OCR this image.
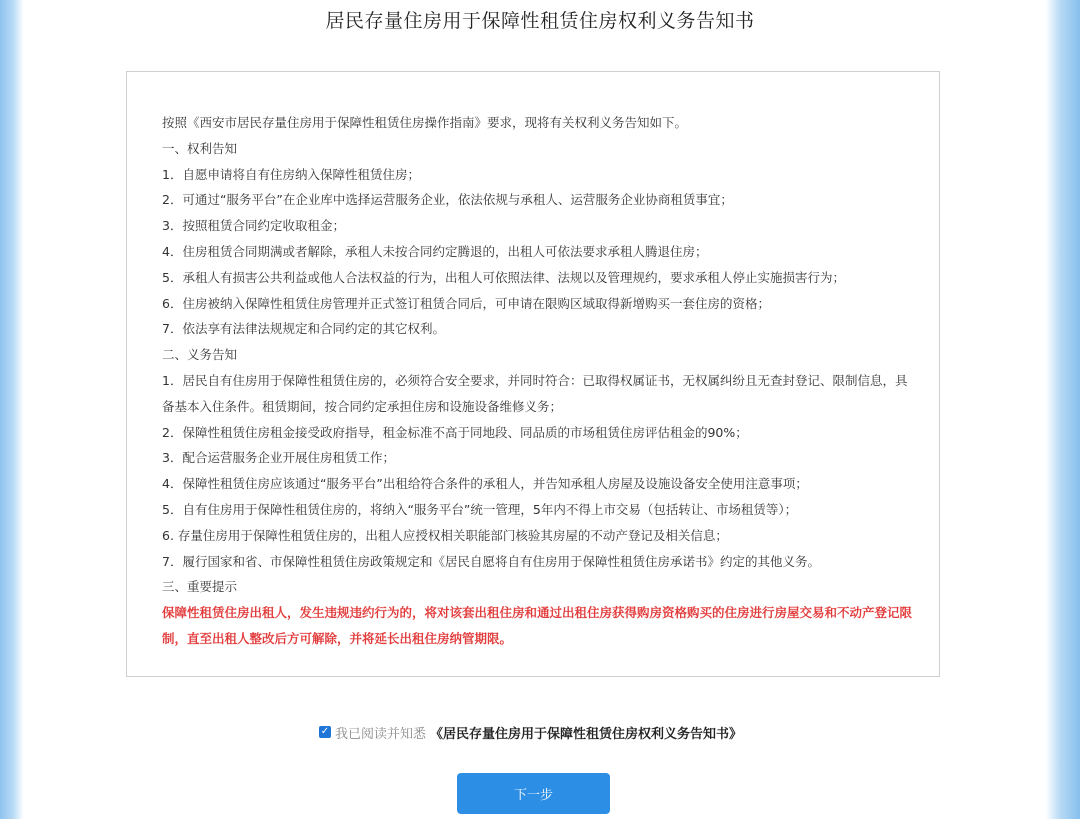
居民存量住房用于保障性租赁住房权利义务告知书
按照《西安市居民存量住房用于保障性租赁住房操作指南》要求，现将有关权利义务告知如下。
一、权利告知
1．自愿申请将自有住房纳入保障性租赁住房；
2．可通过“服务平台”在企业库中选择运营服务企业，依法依规与承租人、运营服务企业协商租赁事宜；
3．按照租赁合同约定收取租金；
4．住房租赁合同期满或者解除，承租人未按合同约定腾退的，出租人可依法要求承租人腾退住房；
5．承租人有损害公共利益或他人合法权益的行为，出租人可依照法律、法规以及管理规约，要求承租人停止实施损害行为；
6．住房被纳入保障性租赁住房管理并正式签订租赁合同后，可申请在限购区域取得新增购买一套住房的资格；
7．依法享有法律法规规定和合同约定的其它权利。
二、义务告知
1．居民自有住房用于保障性租赁住房的，必须符合安全要求，并同时符合：已取得权属证书，无权属纠纷且无查封登记、限制信息，具备基本入住条件。租赁期间，按合同约定承担住房和设施设备维修义务；
2．保障性租赁住房租金接受政府指导，租金标准不高于同地段、同品质的市场租赁住房评估租金的90%；
3．配合运营服务企业开展住房租赁工作；
4．保障性租赁住房应该通过“服务平台”出租给符合条件的承租人，并告知承租人房屋及设施设备安全使用注意事项；
5．自有住房用于保障性租赁住房的，将纳入“服务平台”统一管理，5年内不得上市交易（包括转让、市场租赁等）；
6. 存量住房用于保障性租赁住房的，出租人应授权相关职能部门核验其房屋的不动产登记及相关信息；
7．履行国家和省、市保障性租赁住房政策规定和《居民自愿将自有住房用于保障性租赁住房承诺书》约定的其他义务。
三、重要提示
保障性租赁住房出租人，发生违规违约行为的，将对该套出租住房和通过出租住房获得购房资格购买的住房进行房屋交易和不动产登记限制，直至出租人整改后方可解除，并将延长出租住房纳管期限。
✓ 我已阅读并知悉 《居民存量住房用于保障性租赁住房权利义务告知书》
下一步
